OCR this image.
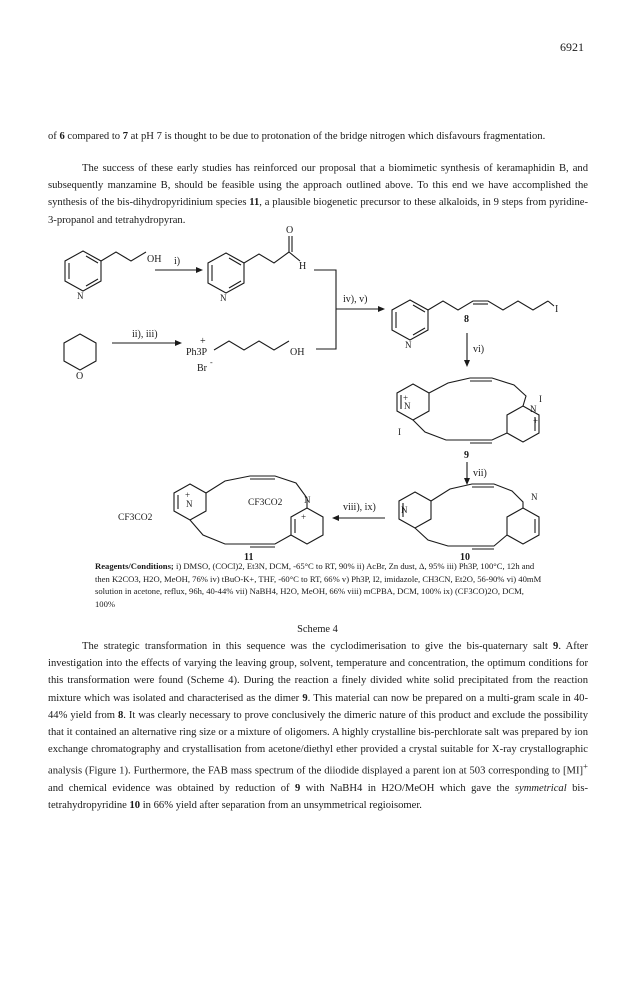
6921

of 6 compared to 7 at pH 7 is thought to be due to protonation of the bridge nitrogen which disfavours fragmentation.

The success of these early studies has reinforced our proposal that a biomimetic synthesis of keramaphidin B, and subsequently manzamine B, should be feasible using the approach outlined above. To this end we have accomplished the synthesis of the bis-dihydropyridinium species 11, a plausible biogenetic precursor to these alkaloids, in 9 steps from pyridine-3-propanol and tetrahydropyran.

OH
N
i)
O
H
N
O
ii), iii)
Ph3P
+
Br
-
OH
iv), v)
I
N
8
vi)
N
+
I
N
+
I
9
vii)
N
N
viii), ix)
N
+	N
+
CF3CO2
CF3CO2
11	10

Reagents/Conditions; i) DMSO, (COCl)2, Et3N, DCM, -65°C to RT, 90% ii) AcBr, Zn dust, Δ, 95% iii) Ph3P, 100°C, 12h and then K2CO3, H2O, MeOH, 76% iv) tBuO-K+, THF, -60°C to RT, 66% v) Ph3P, I2, imidazole, CH3CN, Et2O, 56-90% vi) 40mM solution in acetone, reflux, 96h, 40-44% vii) NaBH4, H2O, MeOH, 66% viii) mCPBA, DCM, 100% ix) (CF3CO)2O, DCM, 100%

Scheme 4

The strategic transformation in this sequence was the cyclodimerisation to give the bis-quaternary salt 9. After investigation into the effects of varying the leaving group, solvent, temperature and concentration, the optimum conditions for this transformation were found (Scheme 4). During the reaction a finely divided white solid precipitated from the reaction mixture which was isolated and characterised as the dimer 9. This material can now be prepared on a multi-gram scale in 40-44% yield from 8. It was clearly necessary to prove conclusively the dimeric nature of this product and exclude the possibility that it contained an alternative ring size or a mixture of oligomers. A highly crystalline bis-perchlorate salt was prepared by ion exchange chromatography and crystallisation from acetone/diethyl ether provided a crystal suitable for X-ray crystallographic analysis (Figure 1). Furthermore, the FAB mass spectrum of the diiodide displayed a parent ion at 503 corresponding to [MI]+ and chemical evidence was obtained by reduction of 9 with NaBH4 in H2O/MeOH which gave the symmetrical bis-tetrahydropyridine 10 in 66% yield after separation from an unsymmetrical regioisomer.
